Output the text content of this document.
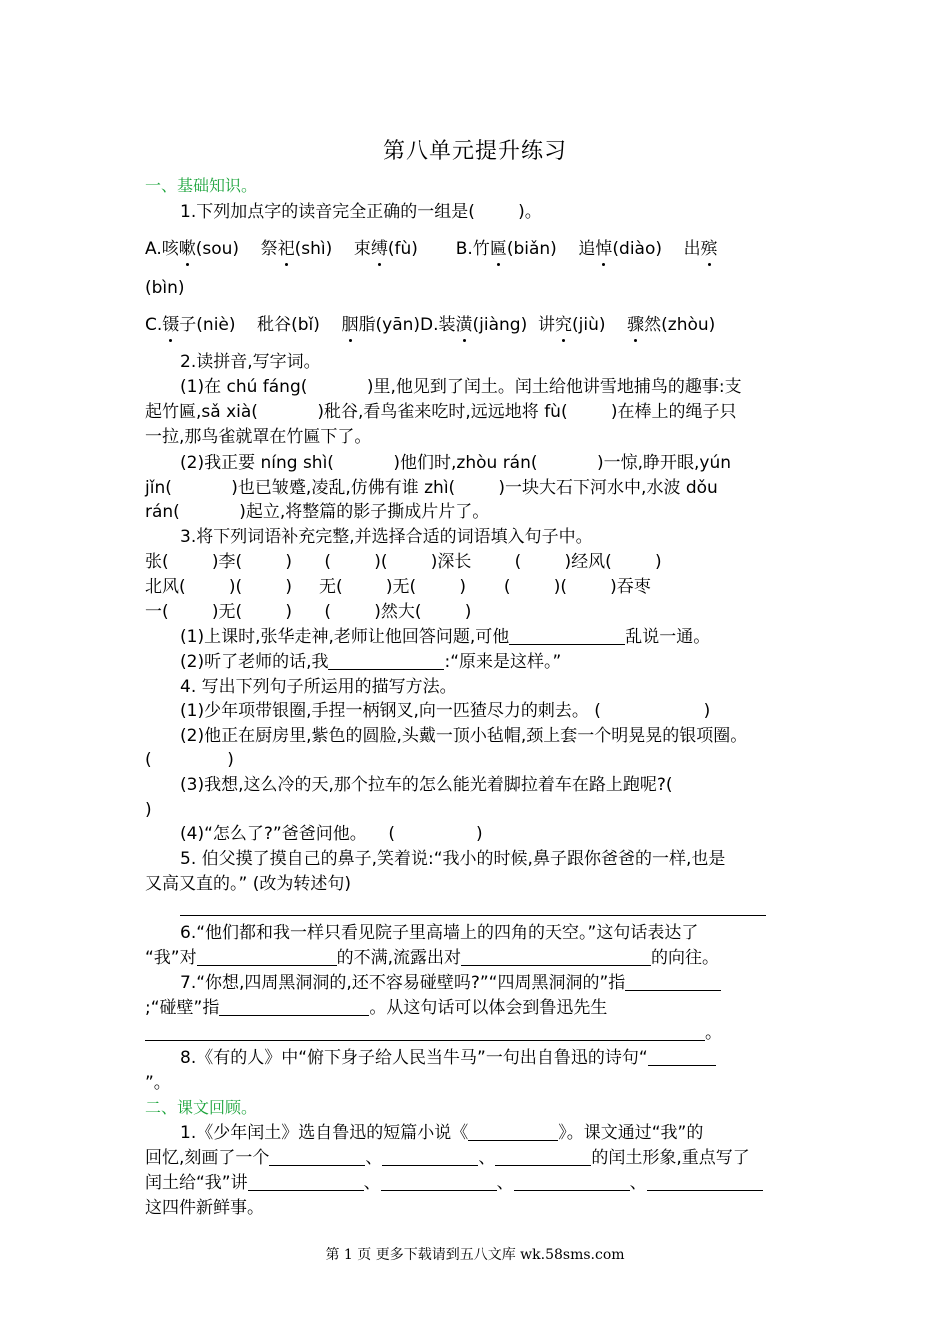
第八单元提升练习
一、基础知识。
1.下列加点字的读音完全正确的一组是(        )。
A.咳嗽(sou)    祭祀(shì)    束缚(fù)       B.竹匾(biǎn)    追悼(diào)    出殡
(bìn)
C.镊子(niè)    秕谷(bǐ)    胭脂(yān)D.装潢(jiàng)  讲究(jiù)    骤然(zhòu)
2.读拼音,写字词。
(1)在 chú fáng(           )里,他见到了闰土。闰土给他讲雪地捕鸟的趣事:支
起竹匾,sǎ xià(           )秕谷,看鸟雀来吃时,远远地将 fù(        )在棒上的绳子只
一拉,那鸟雀就罩在竹匾下了。
(2)我正要 níng shì(           )他们时,zhòu rán(           )一惊,睁开眼,yún
jǐn(           )也已皱蹙,凌乱,仿佛有谁 zhì(        )一块大石下河水中,水波 dǒu
rán(           )起立,将整篇的影子撕成片片了。
3.将下列词语补充完整,并选择合适的词语填入句子中。
张(        )李(        )      (        )(        )深长        (        )经风(        )
北风(        )(        )     无(        )无(        )       (        )(        )吞枣
一(        )无(        )      (        )然大(        )
(1)上课时,张华走神,老师让他回答问题,可他	乱说一通。
(2)听了老师的话,我	:“原来是这样。”
4. 写出下列句子所运用的描写方法。
(1)少年项带银圈,手捏一柄钢叉,向一匹猹尽力的刺去。 (                   )
(2)他正在厨房里,紫色的圆脸,头戴一顶小毡帽,颈上套一个明晃晃的银项圈。
(              )
(3)我想,这么冷的天,那个拉车的怎么能光着脚拉着车在路上跑呢?(
)
(4)“怎么了?”爸爸问他。    (               )
5. 伯父摸了摸自己的鼻子,笑着说:“我小的时候,鼻子跟你爸爸的一样,也是
又高又直的。” (改为转述句)
6.“他们都和我一样只看见院子里高墙上的四角的天空。”这句话表达了
“我”对	的不满,流露出对	的向往。
7.“你想,四周黑洞洞的,还不容易碰壁吗?”“四周黑洞洞的”指
;“碰壁”指	。从这句话可以体会到鲁迅先生
。
8.《有的人》中“俯下身子给人民当牛马”一句出自鲁迅的诗句“
”。
二、课文回顾。
1.《少年闰土》选自鲁迅的短篇小说《	》。课文通过“我”的
回忆,刻画了一个	、	、	的闰土形象,重点写了
闰土给“我”讲	、	、	、
这四件新鲜事。
第 1 页 更多下载请到五八文库 wk.58sms.com
